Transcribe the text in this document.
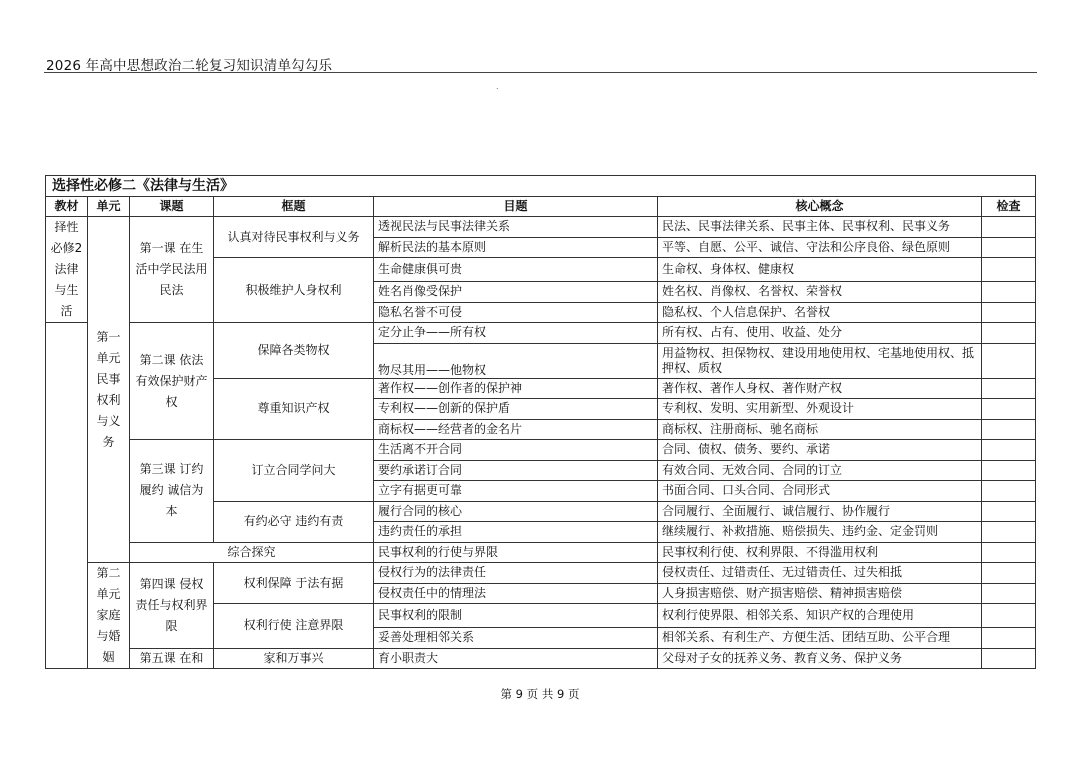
2026 年高中思想政治二轮复习知识清单勾勾乐
.
选择性必修二《法律与生活》						
教材	单元	课题	框题	目题	核心概念	检查
择性必修2 法律与生活	第一单元民事权利与义务	第一课 在生活中学民法用民法	认真对待民事权利与义务	透视民法与民事法律关系	民法、民事法律关系、民事主体、民事权利、民事义务	
				解析民法的基本原则	平等、自愿、公平、诚信、守法和公序良俗、绿色原则	
			积极维护人身权利	生命健康俱可贵	生命权、身体权、健康权	
				姓名肖像受保护	姓名权、肖像权、名誉权、荣誉权	
				隐私名誉不可侵	隐私权、个人信息保护、名誉权	
		第二课 依法有效保护财产权	保障各类物权	定分止争——所有权	所有权、占有、使用、收益、处分	
				物尽其用——他物权	用益物权、担保物权、建设用地使用权、宅基地使用权、抵押权、质权	
			尊重知识产权	著作权——创作者的保护神	著作权、著作人身权、著作财产权	
				专利权——创新的保护盾	专利权、发明、实用新型、外观设计	
				商标权——经营者的金名片	商标权、注册商标、驰名商标	
		第三课 订约履约 诚信为本	订立合同学问大	生活离不开合同	合同、债权、债务、要约、承诺	
				要约承诺订合同	有效合同、无效合同、合同的订立	
				立字有据更可靠	书面合同、口头合同、合同形式	
			有约必守 违约有责	履行合同的核心	合同履行、全面履行、诚信履行、协作履行	
				违约责任的承担	继续履行、补救措施、赔偿损失、违约金、定金罚则	
		综合探究		民事权利的行使与界限	民事权利行使、权利界限、不得滥用权利	
	第二单元家庭与婚姻	第四课 侵权责任与权利界限	权利保障 于法有据	侵权行为的法律责任	侵权责任、过错责任、无过错责任、过失相抵	
				侵权责任中的情理法	人身损害赔偿、财产损害赔偿、精神损害赔偿	
			权利行使 注意界限	民事权利的限制	权利行使界限、相邻关系、知识产权的合理使用	
				妥善处理相邻关系	相邻关系、有利生产、方便生活、团结互助、公平合理	
		第五课 在和	家和万事兴	育小职责大	父母对子女的抚养义务、教育义务、保护义务	
第 9 页 共 9 页
